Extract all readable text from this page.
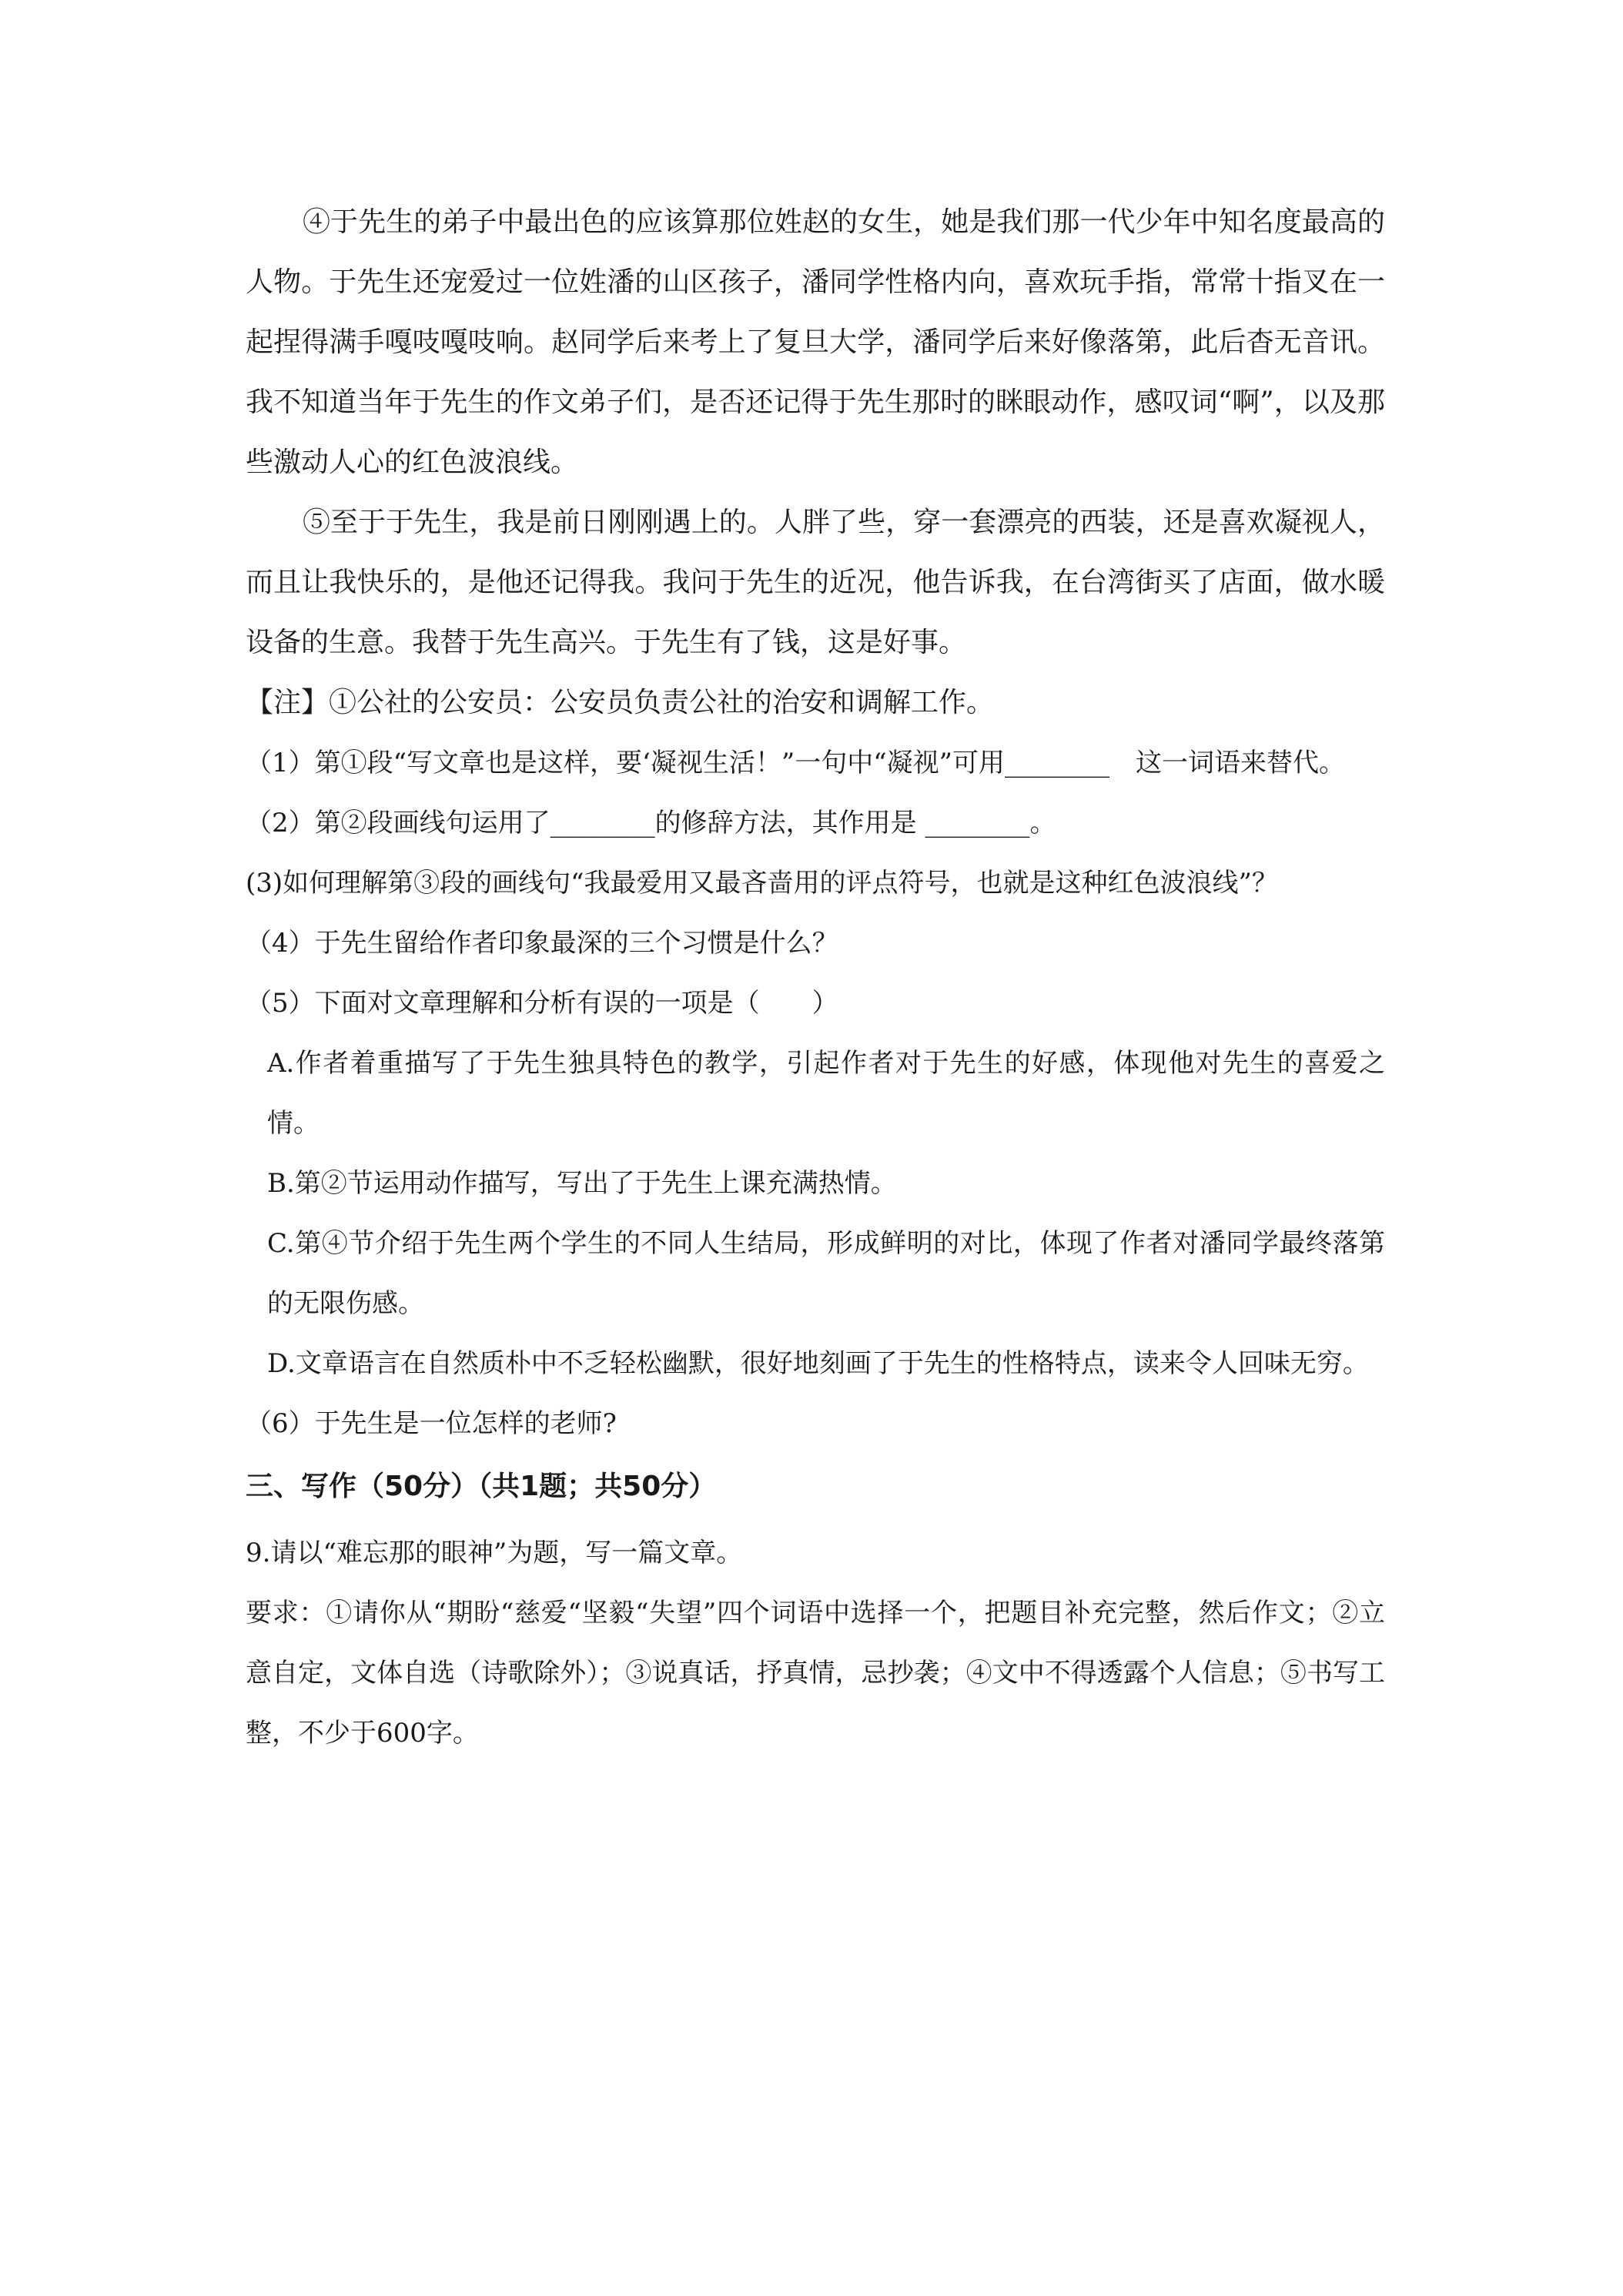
④于先生的弟子中最出色的应该算那位姓赵的女生，她是我们那一代少年中知名度最高的人物。于先生还宠爱过一位姓潘的山区孩子，潘同学性格内向，喜欢玩手指，常常十指叉在一起捏得满手嘎吱嘎吱响。赵同学后来考上了复旦大学，潘同学后来好像落第，此后杳无音讯。我不知道当年于先生的作文弟子们，是否还记得于先生那时的眯眼动作，感叹词“啊”，以及那些激动人心的红色波浪线。

⑤至于于先生，我是前日刚刚遇上的。人胖了些，穿一套漂亮的西装，还是喜欢凝视人，而且让我快乐的，是他还记得我。我问于先生的近况，他告诉我，在台湾街买了店面，做水暖设备的生意。我替于先生高兴。于先生有了钱，这是好事。

【注】①公社的公安员：公安员负责公社的治安和调解工作。

（1）第①段“写文章也是这样，要‘凝视生活！”一句中“凝视”可用________　这一词语来替代。

（2）第②段画线句运用了________的修辞方法，其作用是 ________。

(3)如何理解第③段的画线句“我最爱用又最吝啬用的评点符号，也就是这种红色波浪线”？

（4）于先生留给作者印象最深的三个习惯是什么？

（5）下面对文章理解和分析有误的一项是（　　）

A.作者着重描写了于先生独具特色的教学，引起作者对于先生的好感，体现他对先生的喜爱之情。

B.第②节运用动作描写，写出了于先生上课充满热情。

C.第④节介绍于先生两个学生的不同人生结局，形成鲜明的对比，体现了作者对潘同学最终落第的无限伤感。

D.文章语言在自然质朴中不乏轻松幽默，很好地刻画了于先生的性格特点，读来令人回味无穷。

（6）于先生是一位怎样的老师?

三、写作（50分）（共1题；共50分）

9.请以“难忘那的眼神”为题，写一篇文章。

要求：①请你从“期盼“慈爱“坚毅“失望”四个词语中选择一个，把题目补充完整，然后作文；②立意自定，文体自选（诗歌除外）；③说真话，抒真情，忌抄袭；④文中不得透露个人信息；⑤书写工整，不少于600字。
